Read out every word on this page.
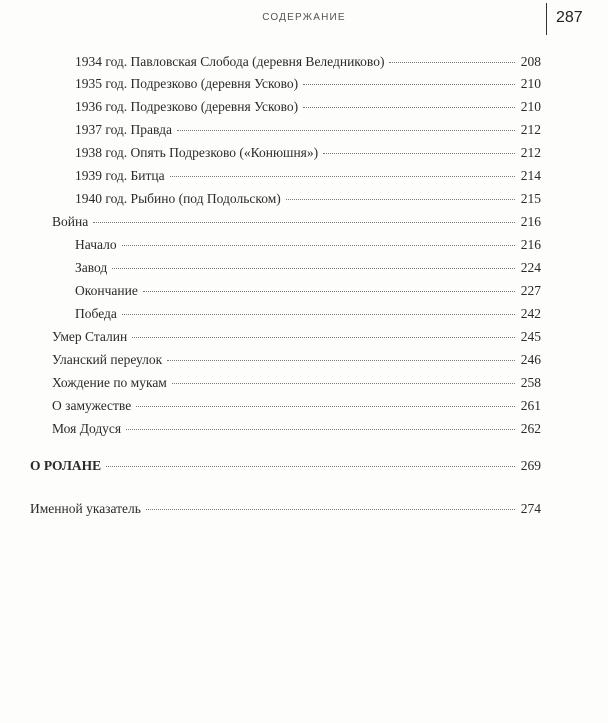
СОДЕРЖАНИЕ	287
1934 год. Павловская Слобода (деревня Веледниково)	208
1935 год. Подрезково (деревня Усково)	210
1936 год. Подрезково (деревня Усково)	210
1937 год. Правда	212
1938 год. Опять Подрезково («Конюшня»)	212
1939 год. Битца	214
1940 год. Рыбино (под Подольском)	215
Война	216
Начало	216
Завод	224
Окончание	227
Победа	242
Умер Сталин	245
Уланский переулок	246
Хождение по мукам	258
О замужестве	261
Моя Додуся	262
О РОЛАНЕ	269
Именной указатель	274
